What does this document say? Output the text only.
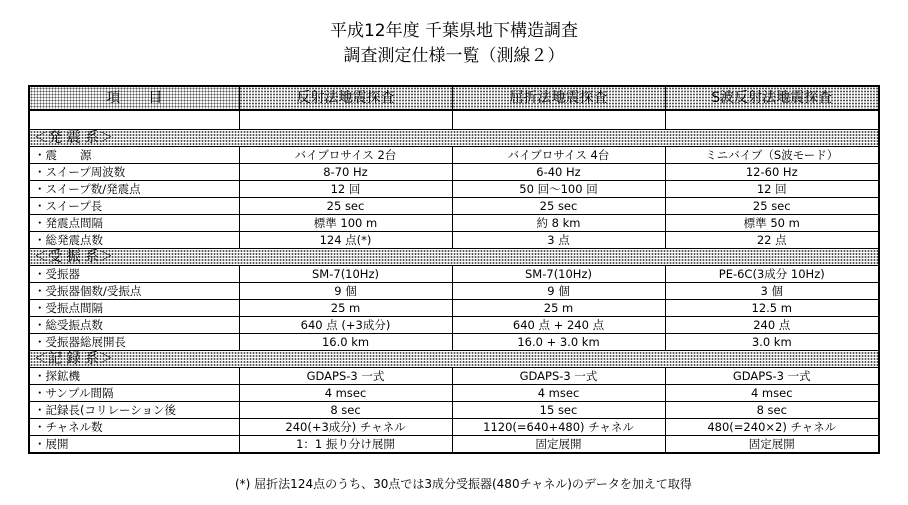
平成12年度 千葉県地下構造調査
調査測定仕様一覧（測線２）
項　　目	反射法地震探査	屈折法地震探査	S波反射法地震探査

＜発 震 系＞			
・震　　源	バイブロサイス 2台	バイブロサイス 4台	ミニバイブ（S波モード）
・スイープ周波数	8-70 Hz	6-40 Hz	12-60 Hz
・スイープ数/発震点	12 回	50 回～100 回	12 回
・スイープ長	25 sec	25 sec	25 sec
・発震点間隔	標準 100 m	約 8 km	標準 50 m
・総発震点数	124 点(*)	3 点	22 点
＜受 振 系＞			
・受振器	SM-7(10Hz)	SM-7(10Hz)	PE-6C(3成分 10Hz)
・受振器個数/受振点	9 個	9 個	3 個
・受振点間隔	25 m	25 m	12.5 m
・総受振点数	640 点 (+3成分)	640 点 + 240 点	240 点
・受振器総展開長	16.0 km	16.0 + 3.0 km	3.0 km
＜記 録 系＞			
・探鉱機	GDAPS-3 一式	GDAPS-3 一式	GDAPS-3 一式
・サンプル間隔	4 msec	4 msec	4 msec
・記録長(コリレーション後	8 sec	15 sec	8 sec
・チャネル数	240(+3成分) チャネル	1120(=640+480) チャネル	480(=240×2) チャネル
・展開	1：1 振り分け展開	固定展開	固定展開
(*) 屈折法124点のうち、30点では3成分受振器(480チャネル)のデータを加えて取得
